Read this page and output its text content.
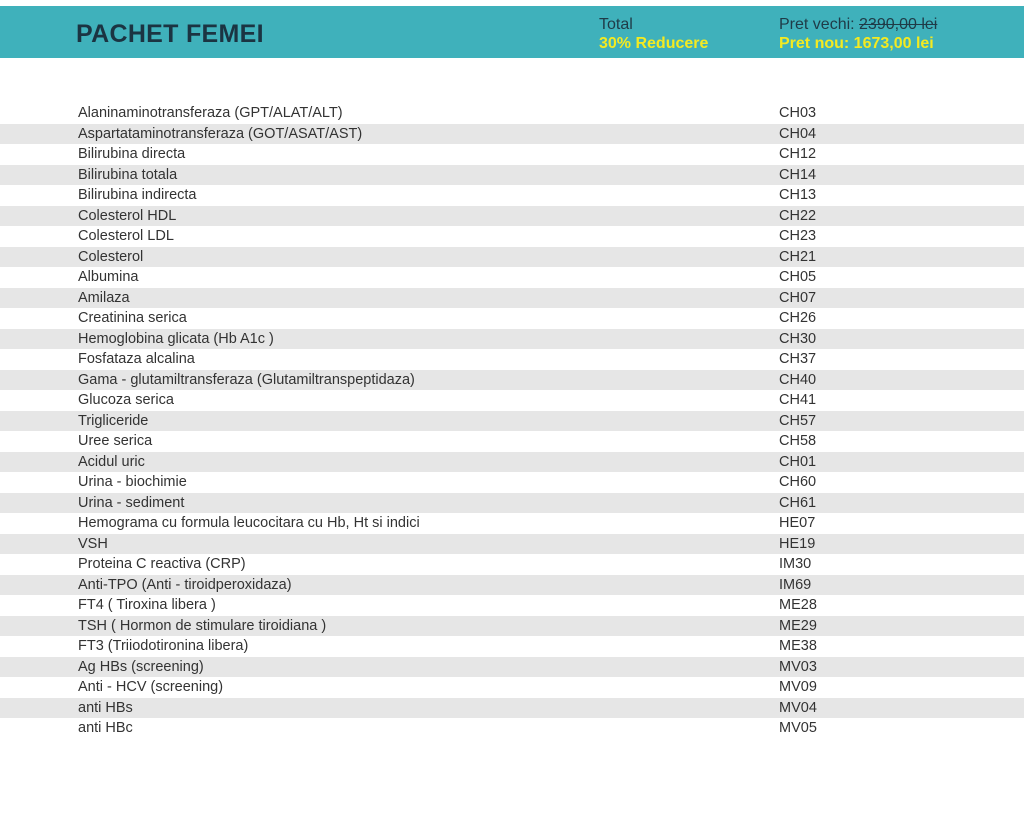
PACHET FEMEI	Total
30% Reducere
Pret vechi: 2390,00 lei
Pret nou: 1673,00 lei
Alaninaminotransferaza (GPT/ALAT/ALT)	CH03
Aspartataminotransferaza (GOT/ASAT/AST)	CH04
Bilirubina directa	CH12
Bilirubina totala	CH14
Bilirubina indirecta	CH13
Colesterol HDL	CH22
Colesterol LDL	CH23
Colesterol	CH21
Albumina	CH05
Amilaza	CH07
Creatinina serica	CH26
Hemoglobina glicata (Hb A1c )	CH30
Fosfataza alcalina	CH37
Gama - glutamiltransferaza (Glutamiltranspeptidaza)	CH40
Glucoza serica	CH41
Trigliceride	CH57
Uree serica	CH58
Acidul uric	CH01
Urina - biochimie	CH60
Urina - sediment	CH61
Hemograma cu formula leucocitara cu Hb, Ht si indici	HE07
VSH	HE19
Proteina C reactiva (CRP)	IM30
Anti-TPO (Anti - tiroidperoxidaza)	IM69
FT4 ( Tiroxina libera )	ME28
TSH ( Hormon de stimulare tiroidiana )	ME29
FT3 (Triiodotironina libera)	ME38
Ag HBs (screening)	MV03
Anti - HCV (screening)	MV09
anti HBs	MV04
anti HBc	MV05
